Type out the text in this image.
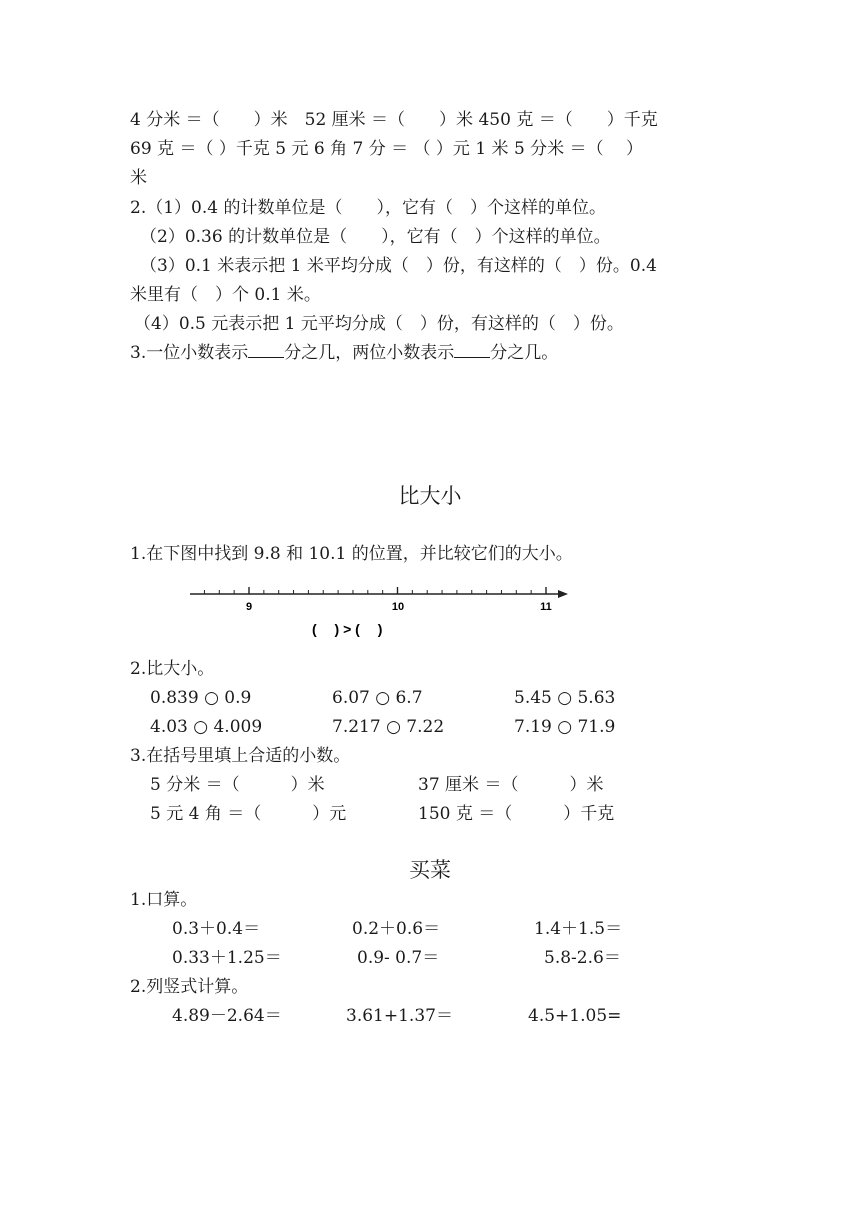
4 分米 ＝（　　）米　52 厘米 ＝（　　）米 450 克 ＝（　　）千克
69 克 ＝（ ）千克 5 元 6 角 7 分 ＝ （ ）元 1 米 5 分米 ＝（　 ）
米
2.（1）0.4 的计数单位是（　　），它有（　）个这样的单位。
（2）0.36 的计数单位是（　　），它有（　）个这样的单位。
（3）0.1 米表示把 1 米平均分成（　）份，有这样的（　）份。0.4
米里有（　）个 0.1 米。
（4）0.5 元表示把 1 元平均分成（　）份，有这样的（　）份。
3.一位小数表示 分之几，两位小数表示 分之几。
比大小
1.在下图中找到 9.8 和 10.1 的位置，并比较它们的大小。
9	10	11
(　 ) > (　 )
2.比大小。
0.839 ○ 0.9	6.07 ○ 6.7	5.45 ○ 5.63
4.03 ○ 4.009	7.217 ○ 7.22	7.19 ○ 71.9
3.在括号里填上合适的小数。
5 分米 ＝（　　　）米	37 厘米 ＝（　　　）米
5 元 4 角 ＝（　　　）元	150 克 ＝（　　　）千克
买菜
1.口算。
0.3＋0.4＝	0.2＋0.6＝	1.4＋1.5＝
0.33＋1.25＝	0.9- 0.7＝	5.8-2.6＝
2.列竖式计算。
4.89－2.64＝	3.61+1.37＝	4.5+1.05=
